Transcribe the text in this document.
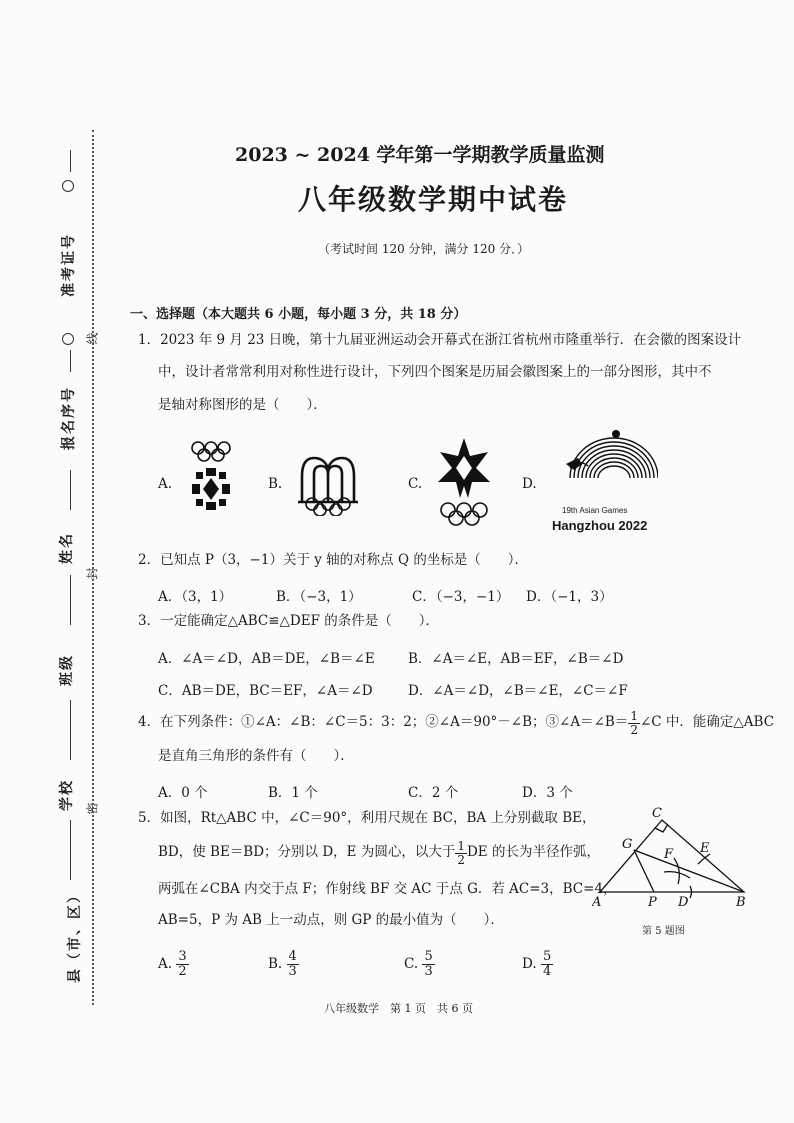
准考证号
线
报名序号
姓名
封
班级
学校 密
县（市、区）
2023 ~ 2024 学年第一学期教学质量监测
八年级数学期中试卷
（考试时间 120 分钟，满分 120 分．）
一、选择题（本大题共 6 小题，每小题 3 分，共 18 分）
1．2023 年 9 月 23 日晚，第十九届亚洲运动会开幕式在浙江省杭州市隆重举行．在会徽的图案设计
中，设计者常常利用对称性进行设计，下列四个图案是历届会徽图案上的一部分图形，其中不
是轴对称图形的是（　　）．
A.	B.	C.	D.
19th Asian Games
Hangzhou 2022
2．已知点 P（3，−1）关于 y 轴的对称点 Q 的坐标是（　　）．
A．（3，1）	B．（−3，1）	C．（−3，−1） D．（−1，3）
3．一定能确定△ABC≌△DEF 的条件是（　　）．
A．∠A＝∠D，AB＝DE，∠B＝∠E B．∠A＝∠E，AB＝EF，∠B＝∠D
C．AB＝DE，BC＝EF，∠A＝∠D	D．∠A＝∠D，∠B＝∠E，∠C＝∠F
4．在下列条件：①∠A：∠B：∠C＝5：3：2；②∠A＝90°－∠B；③∠A＝∠B＝ $\frac{1}{2}$ ∠C 中．能确定△ABC
是直角三角形的条件有（　　）．
A．0 个	B．1 个	C．2 个	D．3 个
5．如图，Rt△ABC 中，∠C＝90°，利用尺规在 BC，BA 上分别截取 BE，
BD，使 BE＝BD；分别以 D，E 为圆心，以大于 $\frac{1}{2}$ DE 的长为半径作弧，
两弧在∠CBA 内交于点 F；作射线 BF 交 AC 于点 G．若 AC=3，BC=4，
AB=5，P 为 AB 上一动点，则 GP 的最小值为（　　）．
A.
$\frac{3}{2}$	B.
$\frac{4}{3}$	C.
$\frac{5}{3}$	D.
$\frac{5}{4}$
C
G
F E
A	P D	B
第 5 题图
八年级数学　第 1 页　共 6 页
